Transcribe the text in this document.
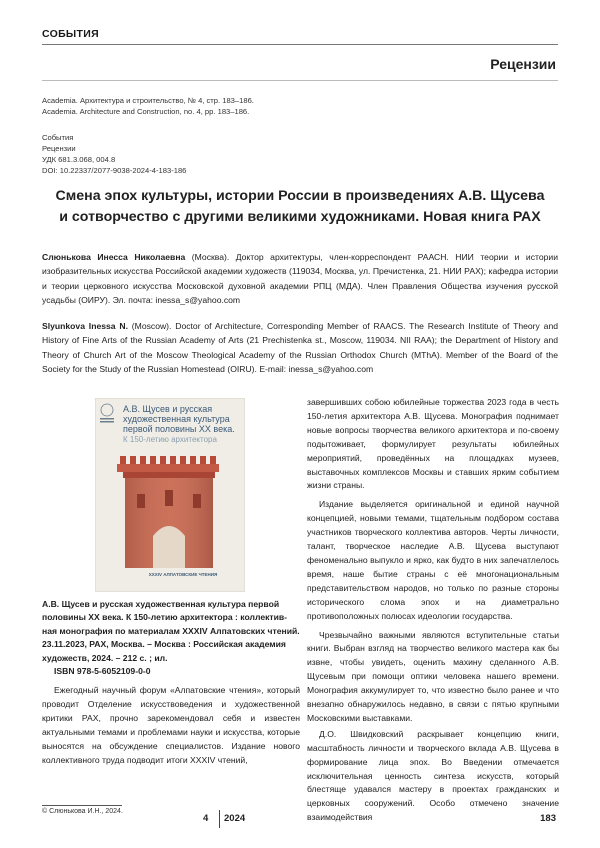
СОБЫТИЯ
Рецензии
Academia. Архитектура и строительство, № 4, стр. 183–186.
Academia. Architecture and Construction, no. 4, pp. 183–186.
События
Рецензии
УДК 681.3.068, 004.8
DOI: 10.22337/2077-9038-2024-4-183-186
Смена эпох культуры, истории России в произведениях А.В. Щусева
и сотворчество с другими великими художниками. Новая книга РАХ
Слюнькова Инесса Николаевна (Москва). Доктор архитектуры, член-корреспондент РААСН. НИИ теории и истории изобразительных искусства Российской академии художеств (119034, Москва, ул. Пречистенка, 21. НИИ РАХ); кафедра истории и теории церковного искусства Московской духовной академии РПЦ (МДА). Член Правления Общества изучения русской усадьбы (ОИРУ). Эл. почта: inessa_s@yahoo.com
Slyunkova Inessa N. (Moscow). Doctor of Architecture, Corresponding Member of RAACS. The Research Institute of Theory and History of Fine Arts of the Russian Academy of Arts (21 Prechistenka st., Moscow, 119034. NII RAA); the Department of History and Theory of Church Art of the Moscow Theological Academy of the Russian Orthodox Church (MThA). Member of the Board of the Society for the Study of the Russian Homestead (OIRU). E-mail: inessa_s@yahoo.com
А.В. Щусев и русская
художественная культура
первой половины XX века.
К 150-летию архитектора
XXXIV АЛПАТОВСКИЕ ЧТЕНИЯ
А.В. Щусев и русская художественная культура первой
половины XX века. К 150-летию архитектора : коллектив-
ная монография по материалам XXXIV Алпатовских чтений.
23.11.2023, РАХ, Москва. – Москва : Российская академия
художеств, 2024. – 212 с. ; ил.
ISBN 978-5-6052109-0-0

Ежегодный научный форум «Алпатовские чтения», который проводит Отделение искусствоведения и художественной критики РАХ, прочно зарекомендовал себя и известен актуальными темами и проблемами науки и искусства, которые выносятся на обсуждение специалистов. Издание нового коллективного труда подводит итоги XXXIV чтений,

завершивших собою юбилейные торжества 2023 года в честь 150-летия архитектора А.В. Щусева. Монография поднимает новые вопросы творчества великого архитектора и по-своему подытоживает, формулирует результаты юбилейных мероприятий, проведённых на площадках музеев, выставочных комплексов Москвы и ставших ярким событием жизни страны.

Издание выделяется оригинальной и единой научной концепцией, новыми темами, тщательным подбором состава участников творческого коллектива авторов. Черты личности, талант, творческое наследие А.В. Щусева выступают феноменально выпукло и ярко, как будто в них запечатлелось время, наше бытие страны с её многонациональным представительством народов, но только по разные стороны исторического слома эпох и на диаметрально противоположных полюсах идеологии государства.

Чрезвычайно важными являются вступительные статьи книги. Выбран взгляд на творчество великого мастера как бы извне, чтобы увидеть, оценить махину сделанного А.В. Щусевым при помощи оптики человека нашего времени. Монография аккумулирует то, что известно было ранее и что внезапно обнаружилось недавно, в связи с пятью крупными Московскими выставками.

Д.О. Швидковский раскрывает концепцию книги, масштабность личности и творческого вклада А.В. Щусева в формирование лица эпох. Во Введении отмечается исключительная ценность синтеза искусств, который блестяще удавался мастеру в проектах гражданских и церковных сооружений. Особо отмечено значение взаимодействия

© Слюнькова И.Н., 2024.
4 2024	183
